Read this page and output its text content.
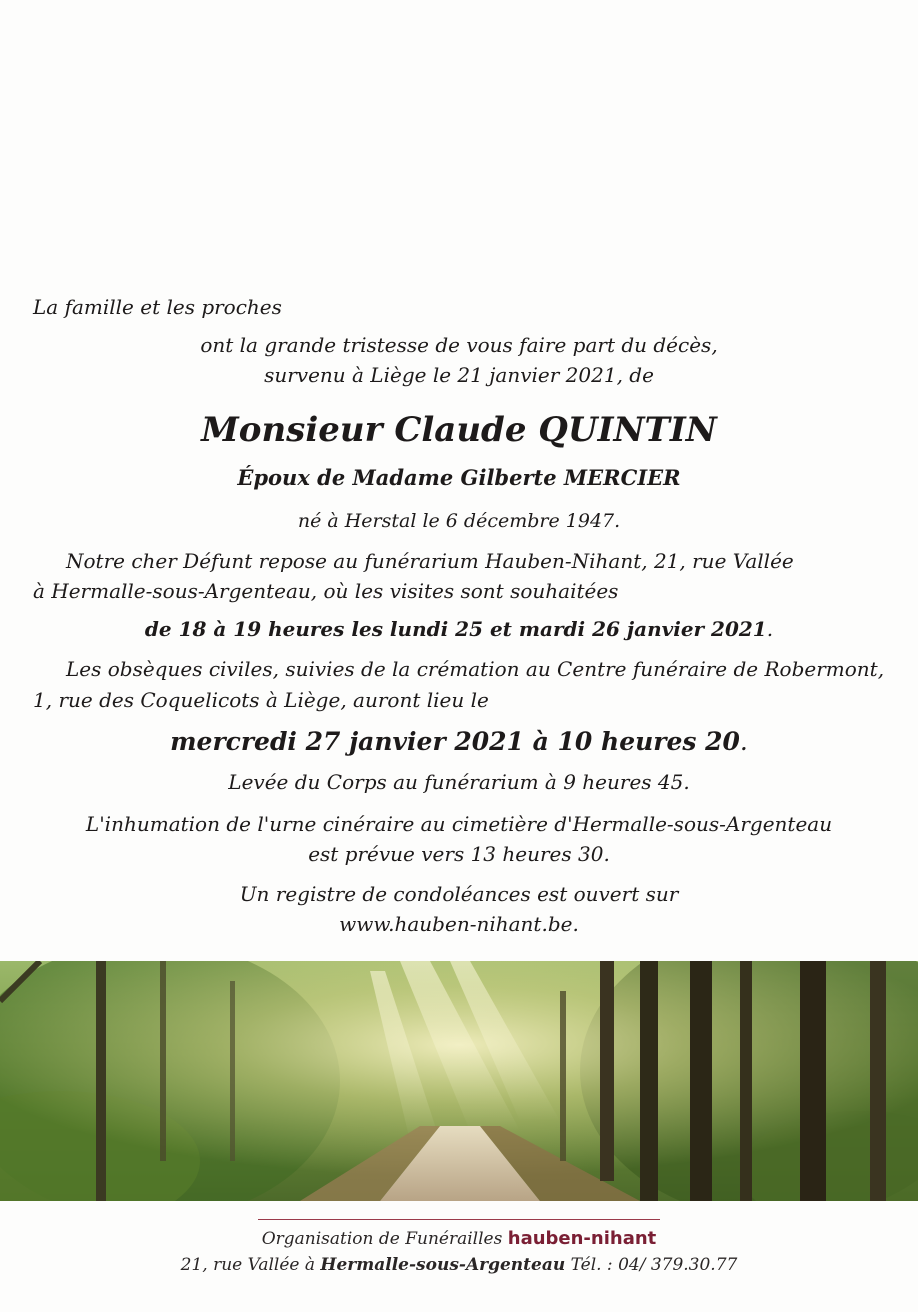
La famille et les proches
ont la grande tristesse de vous faire part du décès,
survenu à Liège le 21 janvier 2021, de
Monsieur Claude QUINTIN
Époux de Madame Gilberte MERCIER
né à Herstal le 6 décembre 1947.
Notre cher Défunt repose au funérarium Hauben-Nihant, 21, rue Vallée
à Hermalle-sous-Argenteau, où les visites sont souhaitées
de 18 à 19 heures les lundi 25 et mardi 26 janvier 2021.
Les obsèques civiles, suivies de la crémation au Centre funéraire de Robermont,
1, rue des Coquelicots à Liège, auront lieu le
mercredi 27 janvier 2021 à 10 heures 20.
Levée du Corps au funérarium à 9 heures 45.
L'inhumation de l'urne cinéraire au cimetière d'Hermalle-sous-Argenteau
est prévue vers 13 heures 30.
Un registre de condoléances est ouvert sur
www.hauben-nihant.be.
Organisation de Funérailles hauben-nihant
21, rue Vallée à Hermalle-sous-Argenteau Tél. : 04/ 379.30.77
